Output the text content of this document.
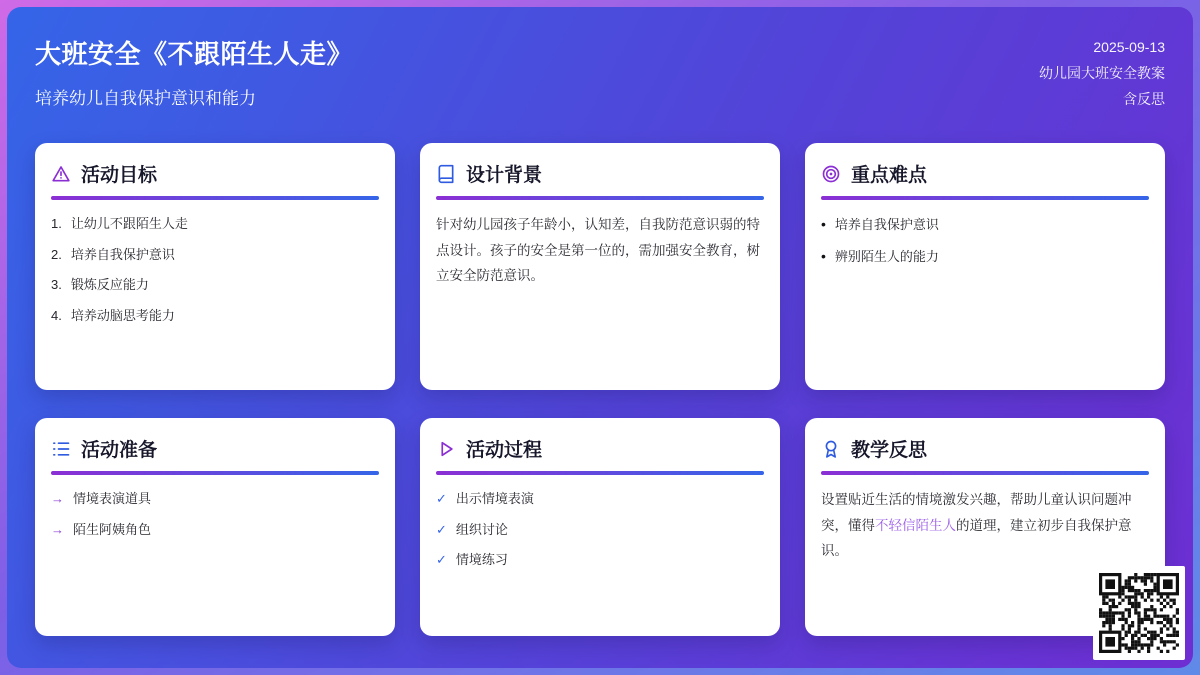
大班安全《不跟陌生人走》

培养幼儿自我保护意识和能力

2025-09-13
幼儿园大班安全教案
含反思
活动目标
1. 让幼儿不跟陌生人走
2. 培养自我保护意识
3. 锻炼反应能力
4. 培养动脑思考能力
设计背景

针对幼儿园孩子年龄小，认知差，自我防范意识弱的特点设计。孩子的安全是第一位的，需加强安全教育，树立安全防范意识。

重点难点
• 培养自我保护意识
• 辨别陌生人的能力
活动准备
→ 情境表演道具
→ 陌生阿姨角色
活动过程
✓ 出示情境表演
✓ 组织讨论
✓ 情境练习
教学反思

设置贴近生活的情境激发兴趣，帮助儿童认识问题冲突，懂得不轻信陌生人的道理，建立初步自我保护意识。
